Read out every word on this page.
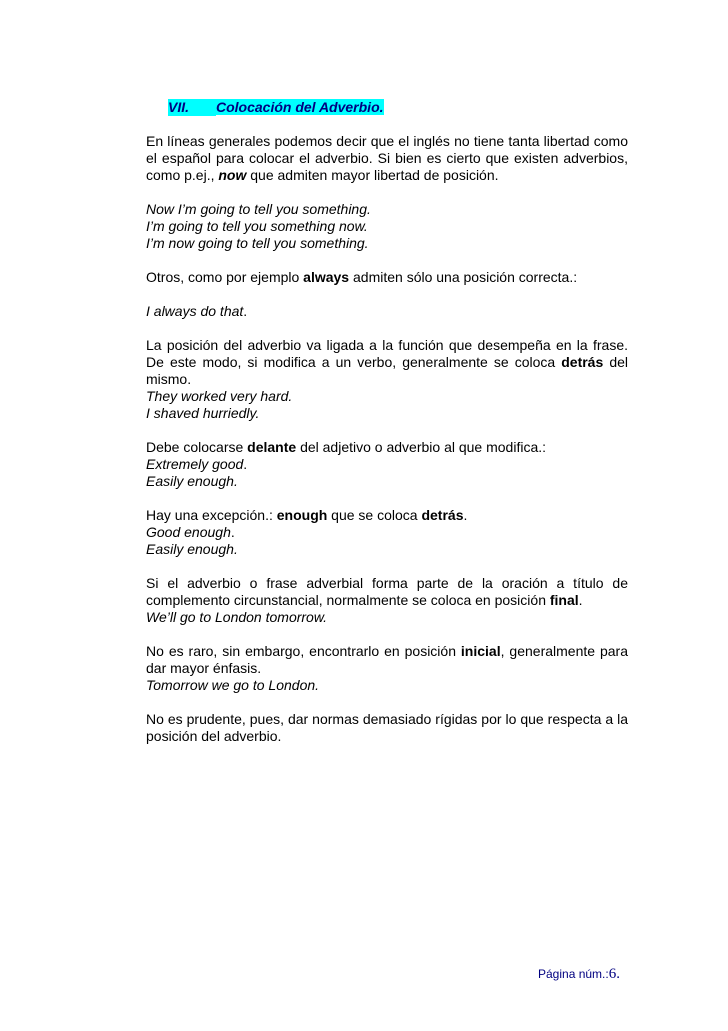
VII. Colocación del Adverbio.

En líneas generales podemos decir que el inglés no tiene tanta libertad como el español para colocar el adverbio. Si bien es cierto que existen adverbios, como p.ej., now que admiten mayor libertad de posición.

Now I’m going to tell you something.
I’m going to tell you something now.
I’m now going to tell you something.

Otros, como por ejemplo always admiten sólo una posición correcta.:

I always do that.

La posición del adverbio va ligada a la función que desempeña en la frase. De este modo, si modifica a un verbo, generalmente se coloca detrás del mismo.
They worked very hard.
I shaved hurriedly.

Debe colocarse delante del adjetivo o adverbio al que modifica.:
Extremely good.
Easily enough.

Hay una excepción.: enough que se coloca detrás.
Good enough.
Easily enough.

Si el adverbio o frase adverbial forma parte de la oración a título de complemento circunstancial, normalmente se coloca en posición final.
We’ll go to London tomorrow.

No es raro, sin embargo, encontrarlo en posición inicial, generalmente para dar mayor énfasis.
Tomorrow we go to London.

No es prudente, pues, dar normas demasiado rígidas por lo que respecta a la posición del adverbio.

Página núm.:6.
